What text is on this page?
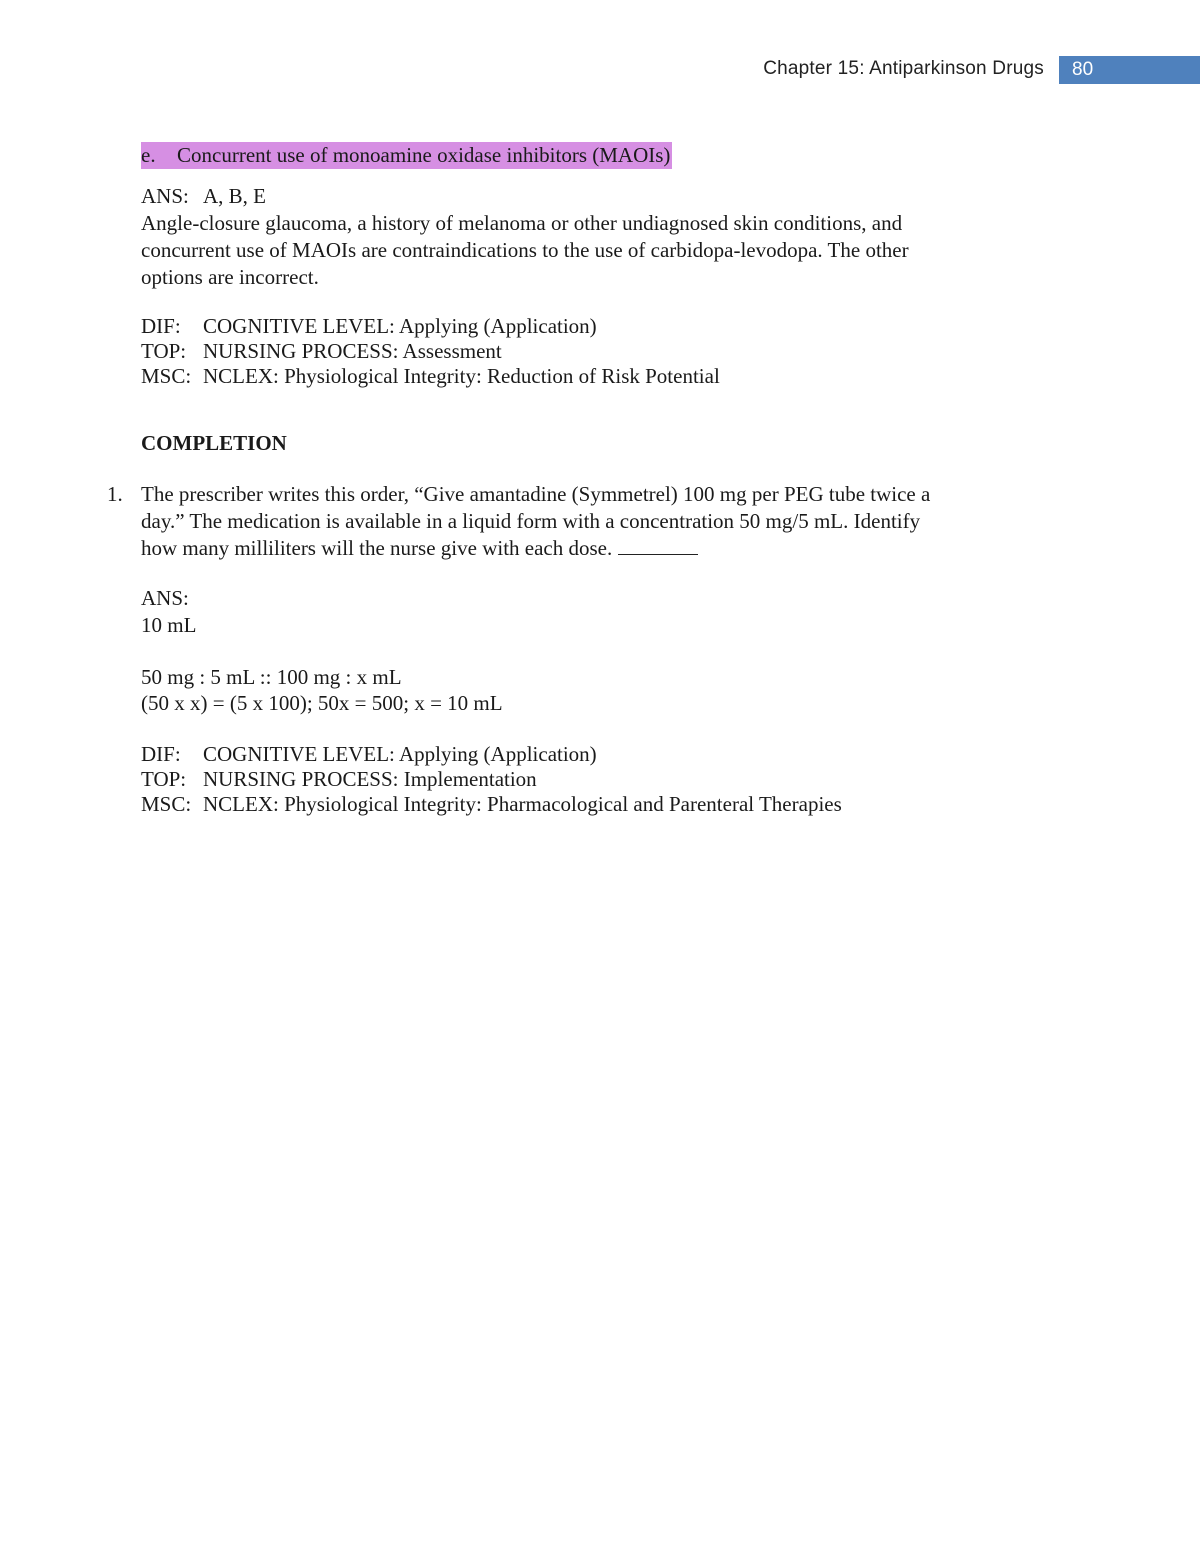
Chapter 15: Antiparkinson Drugs	80
e. Concurrent use of monoamine oxidase inhibitors (MAOIs)
ANS: A, B, E
Angle-closure glaucoma, a history of melanoma or other undiagnosed skin conditions, and
concurrent use of MAOIs are contraindications to the use of carbidopa-levodopa. The other
options are incorrect.
DIF: COGNITIVE LEVEL: Applying (Application)
TOP: NURSING PROCESS: Assessment
MSC: NCLEX: Physiological Integrity: Reduction of Risk Potential
COMPLETION
1. The prescriber writes this order, “Give amantadine (Symmetrel) 100 mg per PEG tube twice a
day.” The medication is available in a liquid form with a concentration 50 mg/5 mL. Identify
how many milliliters will the nurse give with each dose.
ANS:
10 mL
50 mg : 5 mL :: 100 mg : x mL
(50 x x) = (5 x 100); 50x = 500; x = 10 mL
DIF: COGNITIVE LEVEL: Applying (Application)
TOP: NURSING PROCESS: Implementation
MSC: NCLEX: Physiological Integrity: Pharmacological and Parenteral Therapies
